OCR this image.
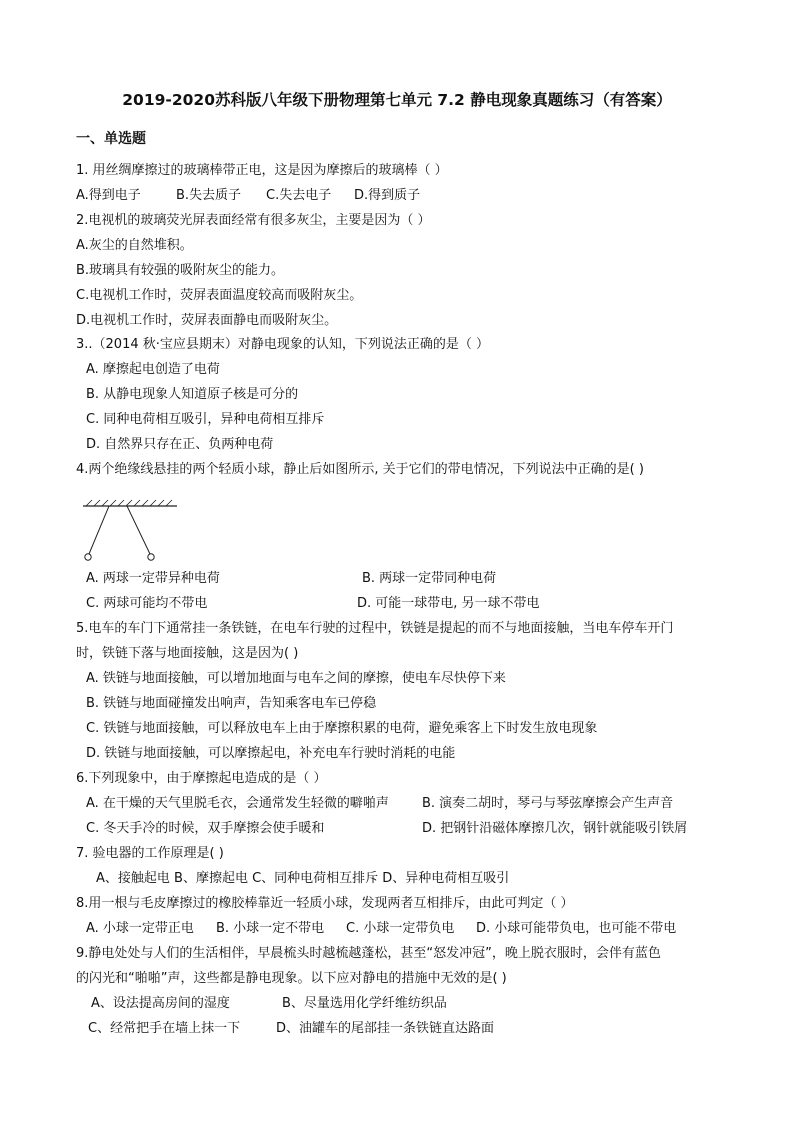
2019-2020苏科版八年级下册物理第七单元 7.2 静电现象真题练习（有答案）
一、单选题
1. 用丝绸摩擦过的玻璃棒带正电，这是因为摩擦后的玻璃棒（ ）
A.得到电子	B.失去质子 C.失去电子 D.得到质子
2.电视机的玻璃荧光屏表面经常有很多灰尘，主要是因为（ ）
A.灰尘的自然堆积。
B.玻璃具有较强的吸附灰尘的能力。
C.电视机工作时，荧屏表面温度较高而吸附灰尘。
D.电视机工作时，荧屏表面静电而吸附灰尘。
3..（2014 秋·宝应县期末）对静电现象的认知，下列说法正确的是（ ）
A. 摩擦起电创造了电荷
B. 从静电现象人知道原子核是可分的
C. 同种电荷相互吸引，异种电荷相互排斥
D. 自然界只存在正、负两种电荷
4.两个绝缘线悬挂的两个轻质小球，静止后如图所示, 关于它们的带电情况，下列说法中正确的是( )
A. 两球一定带异种电荷	B. 两球一定带同种电荷
C. 两球可能均不带电	D. 可能一球带电, 另一球不带电
5.电车的车门下通常挂一条铁链，在电车行驶的过程中，铁链是提起的而不与地面接触，当电车停车开门
时，铁链下落与地面接触，这是因为( )
A. 铁链与地面接触，可以增加地面与电车之间的摩擦，使电车尽快停下来
B. 铁链与地面碰撞发出响声，告知乘客电车已停稳
C. 铁链与地面接触，可以释放电车上由于摩擦积累的电荷，避免乘客上下时发生放电现象
D. 铁链与地面接触，可以摩擦起电，补充电车行驶时消耗的电能
6.下列现象中，由于摩擦起电造成的是（ ）
A. 在干燥的天气里脱毛衣，会通常发生轻微的噼啪声	B. 演奏二胡时，琴弓与琴弦摩擦会产生声音
C. 冬天手冷的时候，双手摩擦会使手暖和	D. 把钢针沿磁体摩擦几次，钢针就能吸引铁屑
7. 验电器的工作原理是( )
A、接触起电 B、摩擦起电 C、同种电荷相互排斥 D、异种电荷相互吸引
8.用一根与毛皮摩擦过的橡胶棒靠近一轻质小球，发现两者互相排斥，由此可判定（ ）
A. 小球一定带正电 B. 小球一定不带电 C. 小球一定带负电 D. 小球可能带负电，也可能不带电
9.静电处处与人们的生活相伴，早晨梳头时越梳越蓬松，甚至“怒发冲冠”，晚上脱衣服时，会伴有蓝色
的闪光和“啪啪”声，这些都是静电现象。以下应对静电的措施中无效的是( )
A、设法提高房间的湿度	B、尽量选用化学纤维纺织品
C、经常把手在墙上抹一下	D、油罐车的尾部挂一条铁链直达路面
